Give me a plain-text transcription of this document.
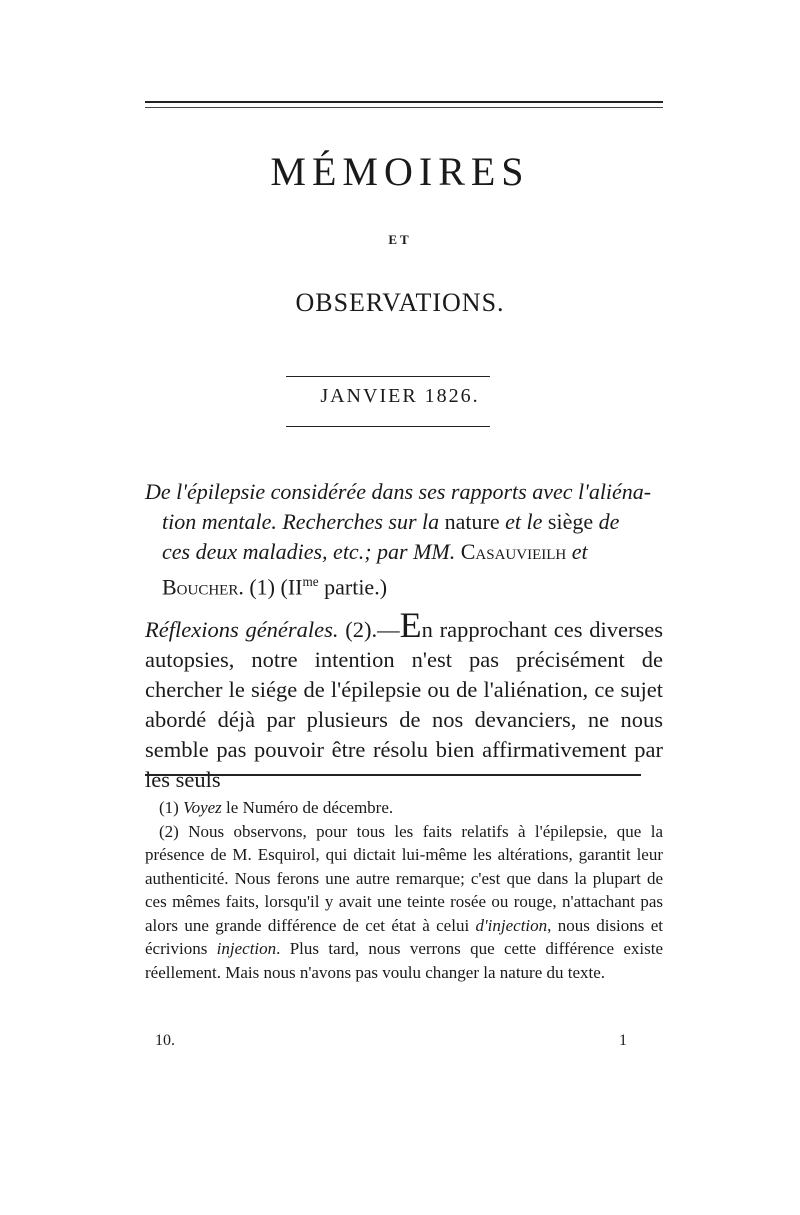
MÉMOIRES
ET
OBSERVATIONS.
JANVIER 1826.

De l'épilepsie considérée dans ses rapports avec l'aliéna-

tion mentale. Recherches sur la nature et le siège de

ces deux maladies, etc.; par MM. Casauvieilh et

Boucher. (1) ($II^{me}$ partie.)

Réflexions générales. (2).—En rapprochant ces diverses autopsies, notre intention n'est pas précisément de chercher le siége de l'épilepsie ou de l'aliénation, ce sujet abordé déjà par plusieurs de nos devanciers, ne nous semble pas pouvoir être résolu bien affirmativement par les seuls

(1) Voyez le Numéro de décembre.

(2) Nous observons, pour tous les faits relatifs à l'épilepsie, que la présence de M. Esquirol, qui dictait lui-même les altérations, garantit leur authenticité. Nous ferons une autre remarque; c'est que dans la plupart de ces mêmes faits, lorsqu'il y avait une teinte rosée ou rouge, n'attachant pas alors une grande différence de cet état à celui d'injection, nous disions et écrivions injection. Plus tard, nous verrons que cette différence existe réellement. Mais nous n'avons pas voulu changer la nature du texte.

10.	1
